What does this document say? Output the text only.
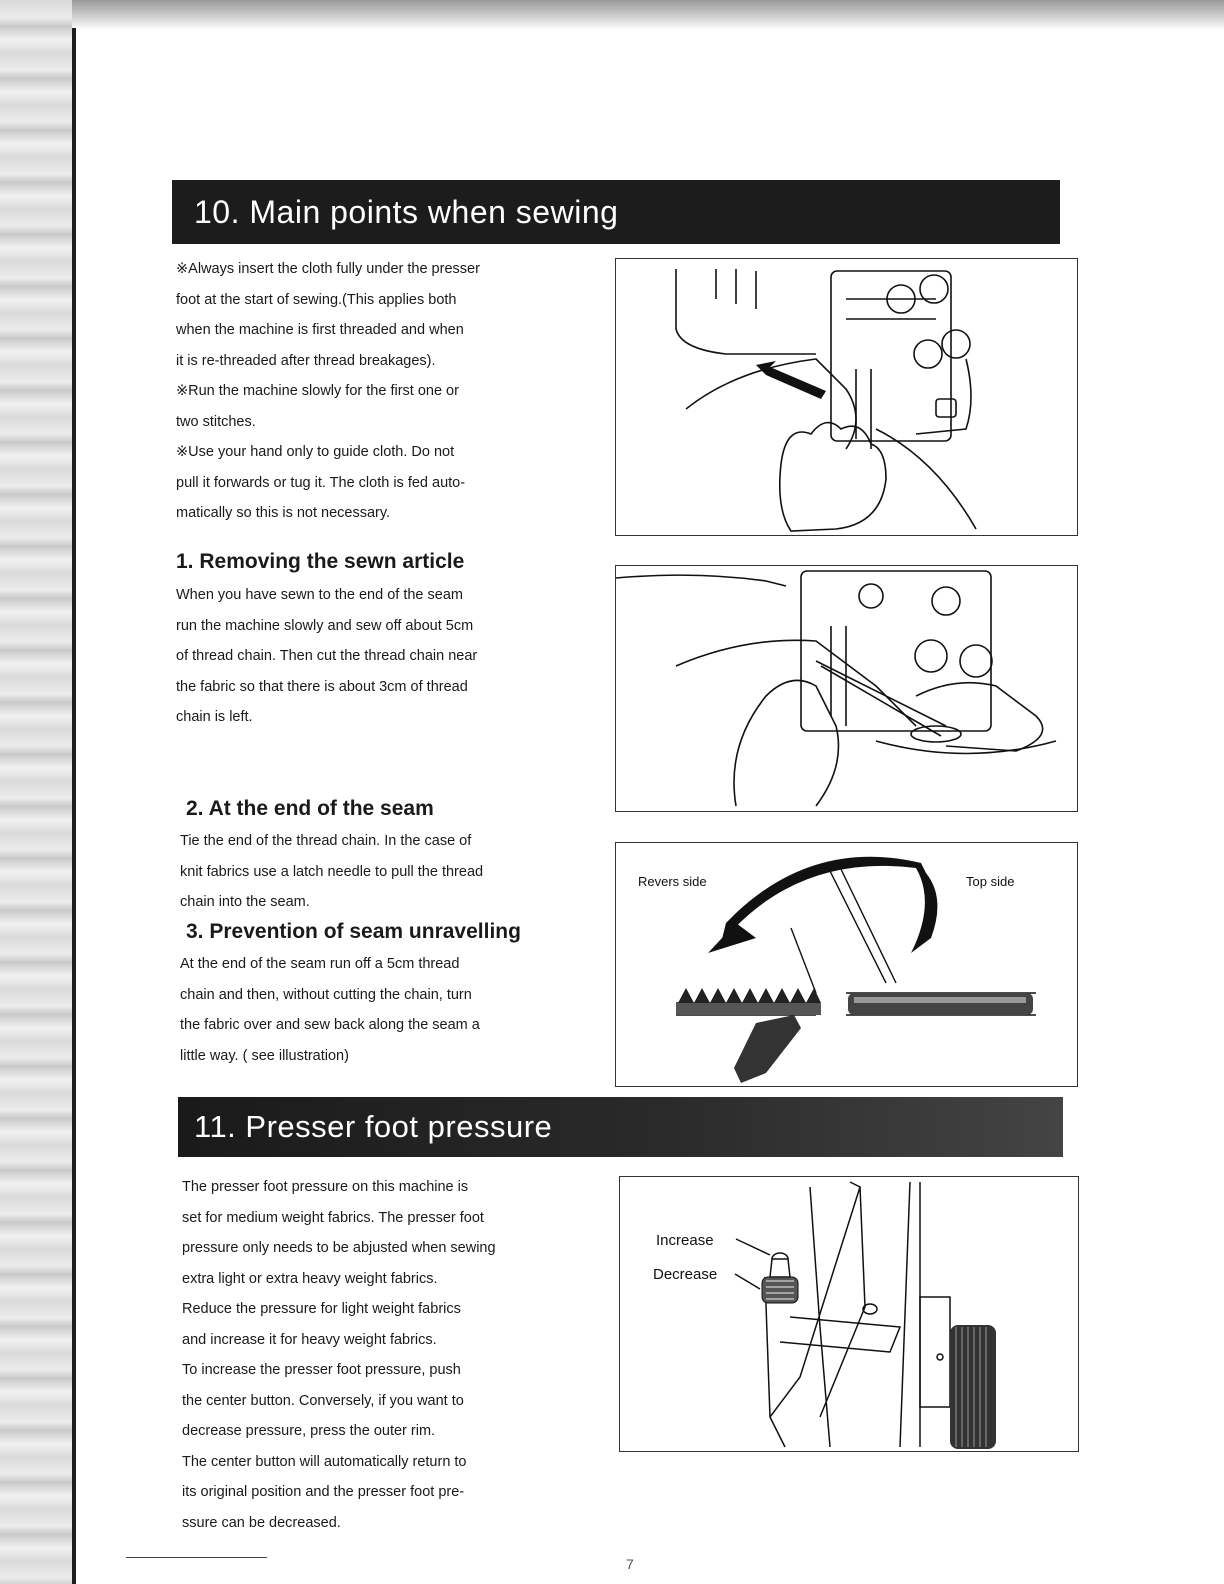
10. Main points when sewing

※Always insert the cloth fully under the presser
foot at the start of sewing.(This applies both
when the machine is first threaded and when
it is re-threaded after thread breakages).
※Run the machine slowly for the first one or
two stitches.
※Use your hand only to guide cloth. Do not
pull it forwards or tug it. The cloth is fed auto-
matically so this is not necessary.

1. Removing the sewn article

When you have sewn to the end of the seam
run the machine slowly and sew off about 5cm
of thread chain. Then cut the thread chain near
the fabric so that there is about 3cm of thread
chain is left.

2. At the end of the seam

Tie the end of the thread chain. In the case of
knit fabrics use a latch needle to pull the thread
chain into the seam.

3. Prevention of seam unravelling

At the end of the seam run off a 5cm thread
chain and then, without cutting the chain, turn
the fabric over and sew back along the seam a
little way. ( see illustration)

Revers side	Top side
11. Presser foot pressure

The presser foot pressure on this machine is
set for medium weight fabrics. The presser foot
pressure only needs to be abjusted when sewing
extra light or extra heavy weight fabrics.
Reduce the pressure for light weight fabrics
and increase it for heavy weight fabrics.
To increase the presser foot pressure, push
the center button. Conversely, if you want to
decrease pressure, press the outer rim.
The center button will automatically return to
its original position and the presser foot pre-
ssure can be decreased.

Increase
Decrease
7
